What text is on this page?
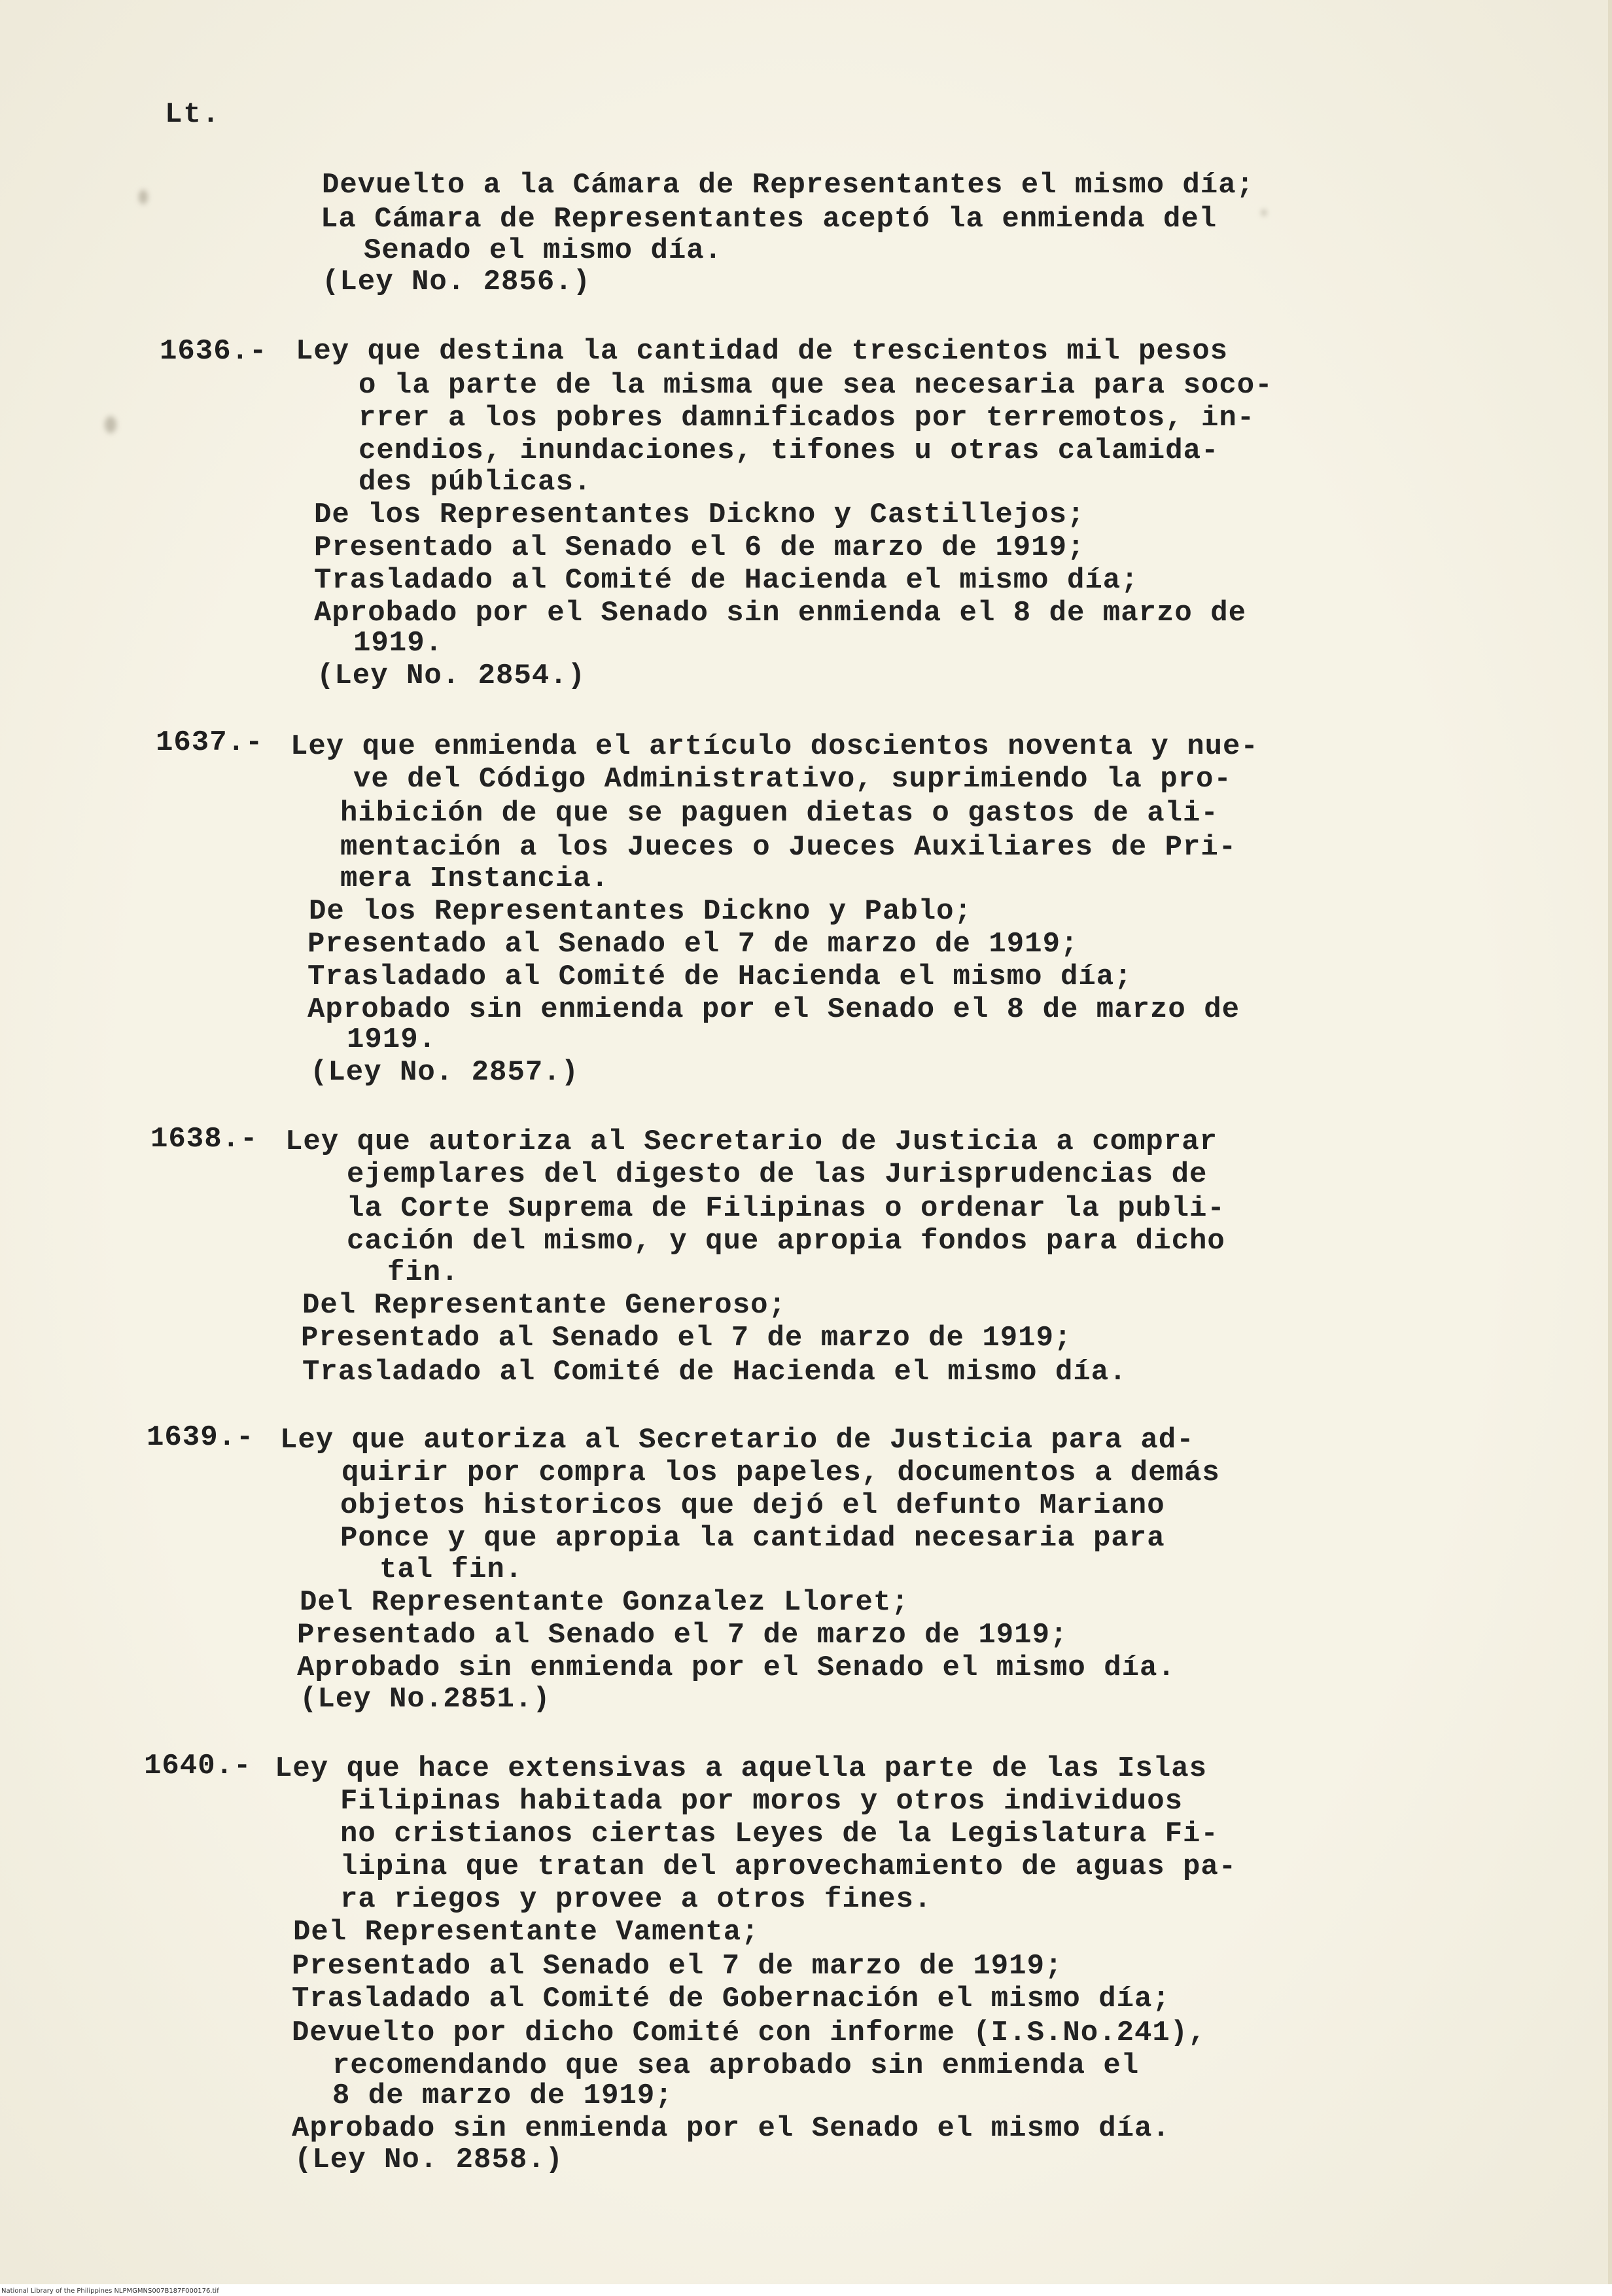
Lt.
Devuelto a la Cámara de Representantes el mismo día;
La Cámara de Representantes aceptó la enmienda del
Senado el mismo día.
(Ley No. 2856.)
1636.- Ley que destina la cantidad de trescientos mil pesos
o la parte de la misma que sea necesaria para soco-
rrer a los pobres damnificados por terremotos, in-
cendios, inundaciones, tifones u otras calamida-
des públicas.
De los Representantes Dickno y Castillejos;
Presentado al Senado el 6 de marzo de 1919;
Trasladado al Comité de Hacienda el mismo día;
Aprobado por el Senado sin enmienda el 8 de marzo de
1919.
(Ley No. 2854.)
1637.- Ley que enmienda el artículo doscientos noventa y nue-
ve del Código Administrativo, suprimiendo la pro-
hibición de que se paguen dietas o gastos de ali-
mentación a los Jueces o Jueces Auxiliares de Pri-
mera Instancia.
De los Representantes Dickno y Pablo;
Presentado al Senado el 7 de marzo de 1919;
Trasladado al Comité de Hacienda el mismo día;
Aprobado sin enmienda por el Senado el 8 de marzo de
1919.
(Ley No. 2857.)
1638.- Ley que autoriza al Secretario de Justicia a comprar
ejemplares del digesto de las Jurisprudencias de
la Corte Suprema de Filipinas o ordenar la publi-
cación del mismo, y que apropia fondos para dicho
fin.
Del Representante Generoso;
Presentado al Senado el 7 de marzo de 1919;
Trasladado al Comité de Hacienda el mismo día.
1639.- Ley que autoriza al Secretario de Justicia para ad-
quirir por compra los papeles, documentos a demás
objetos historicos que dejó el defunto Mariano
Ponce y que apropia la cantidad necesaria para
tal fin.
Del Representante Gonzalez Lloret;
Presentado al Senado el 7 de marzo de 1919;
Aprobado sin enmienda por el Senado el mismo día.
(Ley No.2851.)
1640.- Ley que hace extensivas a aquella parte de las Islas
Filipinas habitada por moros y otros individuos
no cristianos ciertas Leyes de la Legislatura Fi-
lipina que tratan del aprovechamiento de aguas pa-
ra riegos y provee a otros fines.
Del Representante Vamenta;
Presentado al Senado el 7 de marzo de 1919;
Trasladado al Comité de Gobernación el mismo día;
Devuelto por dicho Comité con informe (I.S.No.241),
recomendando que sea aprobado sin enmienda el
8 de marzo de 1919;
Aprobado sin enmienda por el Senado el mismo día.
(Ley No. 2858.)
National Library of the Philippines NLPMGMNS007B187F000176.tif
